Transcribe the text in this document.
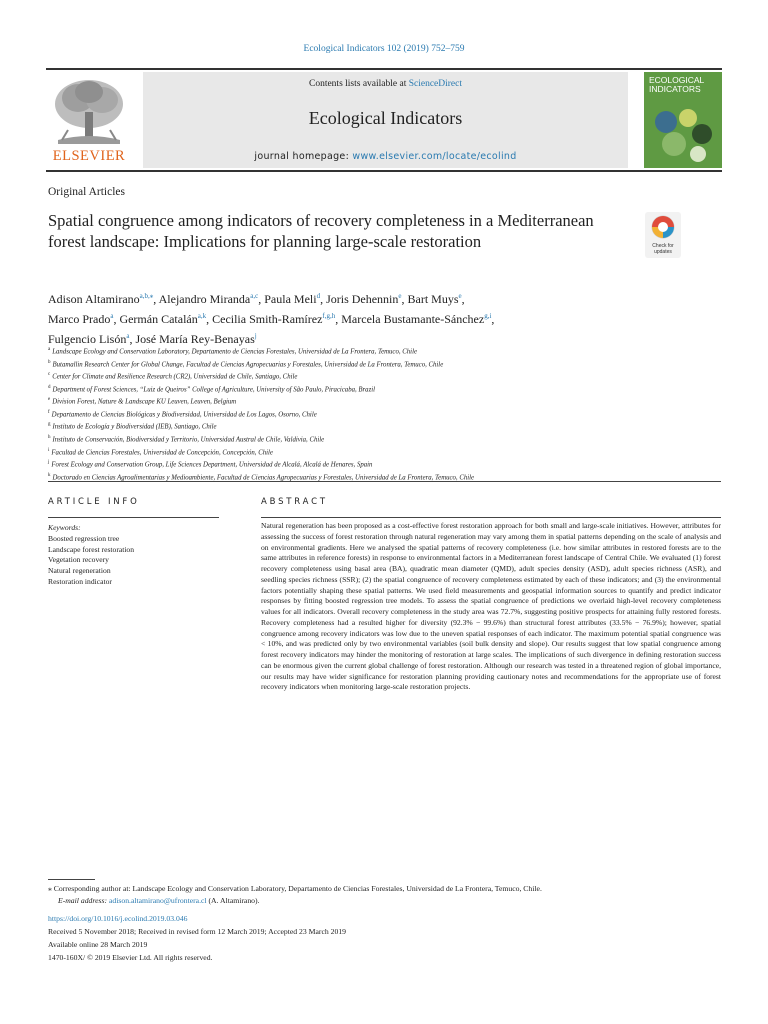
Ecological Indicators 102 (2019) 752–759
ELSEVIER
Contents lists available at ScienceDirect
Ecological Indicators
journal homepage: www.elsevier.com/locate/ecolind
ECOLOGICAL
INDICATORS
Original Articles
Spatial congruence among indicators of recovery completeness in a Mediterranean forest landscape: Implications for planning large-scale restoration	Check for
updates
Adison Altamirano$^{a,b,⁎}$, Alejandro Miranda$^{a,c}$, Paula Meli$^d$, Joris Dehennin$^e$, Bart Muys$^e$,
Marco Prado$^a$, Germán Catalán$^{a,k}$, Cecilia Smith-Ramírez$^{f,g,h}$, Marcela Bustamante-Sánchez$^{g,i}$,
Fulgencio Lisón$^a$, José María Rey-Benayas$^j$
$^a$ Landscape Ecology and Conservation Laboratory, Departamento de Ciencias Forestales, Universidad de La Frontera, Temuco, Chile
$^b$ Butamallin Research Center for Global Change, Facultad de Ciencias Agropecuarias y Forestales, Universidad de La Frontera, Temuco, Chile
$^c$ Center for Climate and Resilience Research (CR2), Universidad de Chile, Santiago, Chile
$^d$ Department of Forest Sciences, “Luiz de Queiros” College of Agriculture, University of São Paulo, Piracicaba, Brazil
$^e$ Division Forest, Nature & Landscape KU Leuven, Leuven, Belgium
$^f$ Departamento de Ciencias Biológicas y Biodiversidad, Universidad de Los Lagos, Osorno, Chile
$^g$ Instituto de Ecología y Biodiversidad (IEB), Santiago, Chile
$^h$ Instituto de Conservación, Biodiversidad y Territorio, Universidad Austral de Chile, Valdivia, Chile
$^i$ Facultad de Ciencias Forestales, Universidad de Concepción, Concepción, Chile
$^j$ Forest Ecology and Conservation Group, Life Sciences Department, Universidad de Alcalá, Alcalá de Henares, Spain
$^k$ Doctorado en Ciencias Agroalimentarias y Medioambiente, Facultad de Ciencias Agropecuarias y Forestales, Universidad de La Frontera, Temuco, Chile
ARTICLE INFO	ABSTRACT
Keywords:
Boosted regression tree
Landscape forest restoration
Vegetation recovery
Natural regeneration
Restoration indicator
Natural regeneration has been proposed as a cost-effective forest restoration approach for both small and large-scale initiatives. However, attributes for assessing the success of forest restoration through natural regeneration may vary among them in spatial patterns depending on the scale of analysis and on environmental gradients. Here we analysed the spatial patterns of recovery completeness (i.e. how similar attributes in restored forests are to the same attributes in reference forests) in response to environmental factors in a Mediterranean forest landscape of Central Chile. We evaluated (1) forest recovery completeness using basal area (BA), quadratic mean diameter (QMD), adult species density (ASD), adult species richness (ASR), and seedling species richness (SSR); (2) the spatial congruence of recovery completeness estimated by each of these indicators; and (3) the environmental factors potentially shaping these spatial patterns. We used field measurements and geospatial information sources to quantify and predict indicator responses by fitting boosted regression tree models. To assess the spatial congruence of predictions we overlaid high-level recovery completeness values for all indicators. Overall recovery completeness in the study area was 72.7%, suggesting positive prospects for attaining fully restored forests. Recovery completeness had a resulted higher for diversity (92.3% − 99.6%) than structural forest attributes (33.5% − 76.9%); however, spatial congruence among recovery indicators was low due to the uneven spatial responses of each indicator. The maximum potential spatial congruence was < 10%, and was predicted only by two environmental variables (soil bulk density and slope). Our results suggest that low spatial congruence among forest recovery indicators may hinder the monitoring of restoration at large scales. The implications of such divergence in defining restoration success can be enormous given the current global challenge of forest restoration. Although our research was tested in a threatened region of global importance, our results may have wider significance for restoration planning providing cautionary notes and recommendations for the appropriate use of forest recovery indicators when monitoring large-scale restoration projects.
⁎ Corresponding author at: Landscape Ecology and Conservation Laboratory, Departamento de Ciencias Forestales, Universidad de La Frontera, Temuco, Chile.
E-mail address: adison.altamirano@ufrontera.cl (A. Altamirano).
https://doi.org/10.1016/j.ecolind.2019.03.046
Received 5 November 2018; Received in revised form 12 March 2019; Accepted 23 March 2019
Available online 28 March 2019
1470-160X/ © 2019 Elsevier Ltd. All rights reserved.
